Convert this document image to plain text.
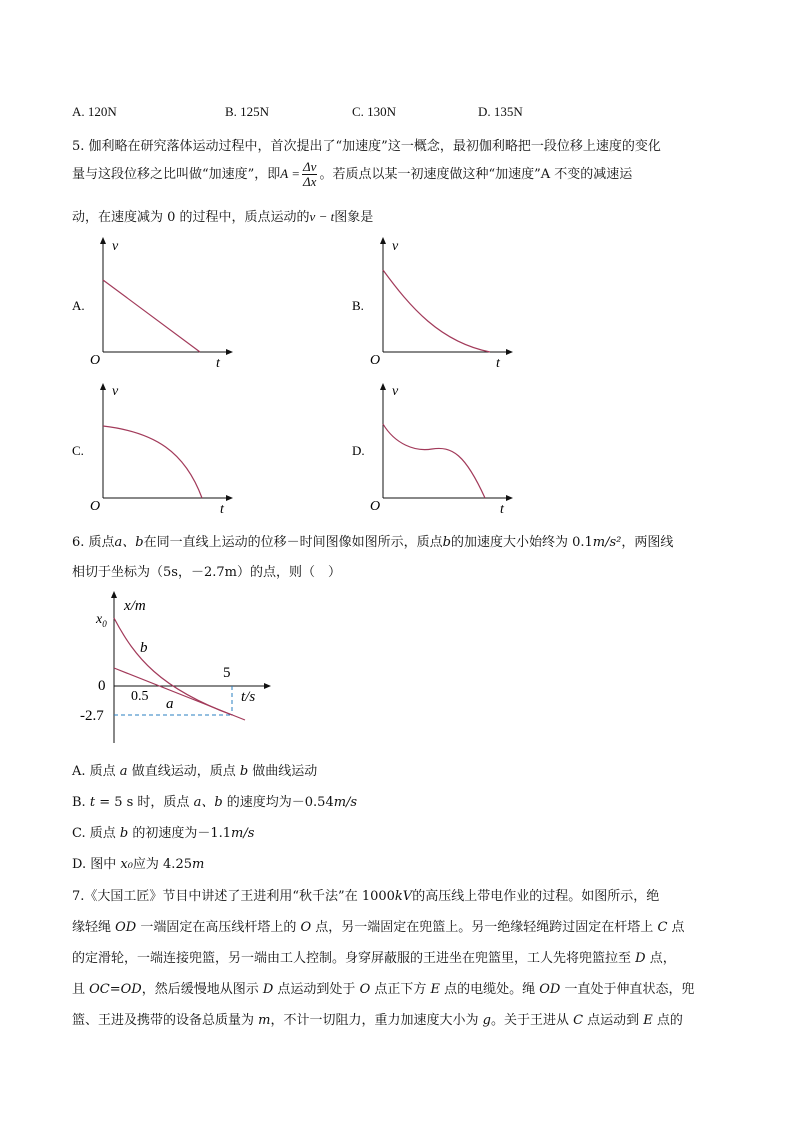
A. 120N	B. 125N	C. 130N	D. 135N
5. 伽利略在研究落体运动过程中，首次提出了“加速度”这一概念，最初伽利略把一段位移上速度的变化
量与这段位移之比叫做“加速度”，即$A = \frac{\Delta v}{\Delta x}$ 。若质点以某一初速度做这种“加速度”A 不变的减速运
动，在速度减为 0 的过程中，质点运动的v − t图象是
A.
v
t
O
B.
v
t
O
C.
v
t
O
D.
v
t
O
6. 质点a、b在同一直线上运动的位移－时间图像如图所示，质点b的加速度大小始终为 0.1m/s²，两图线
相切于坐标为（5s，－2.7m）的点，则（　）
x/m
t/s
$x_0$
0
0.5
5
-2.7
b
a
A. 质点 a 做直线运动，质点 b 做曲线运动
B. t = 5 s 时，质点 a、b 的速度均为－0.54m/s
C. 质点 b 的初速度为－1.1m/s
D. 图中 x₀应为 4.25m
7.《大国工匠》节目中讲述了王进利用“秋千法”在 1000kV的高压线上带电作业的过程。如图所示，绝
缘轻绳 OD 一端固定在高压线杆塔上的 O 点，另一端固定在兜篮上。另一绝缘轻绳跨过固定在杆塔上 C 点
的定滑轮，一端连接兜篮，另一端由工人控制。身穿屏蔽服的王进坐在兜篮里，工人先将兜篮拉至 D 点，
且 OC=OD，然后缓慢地从图示 D 点运动到处于 O 点正下方 E 点的电缆处。绳 OD 一直处于伸直状态，兜
篮、王进及携带的设备总质量为 m，不计一切阻力，重力加速度大小为 g。关于王进从 C 点运动到 E 点的
